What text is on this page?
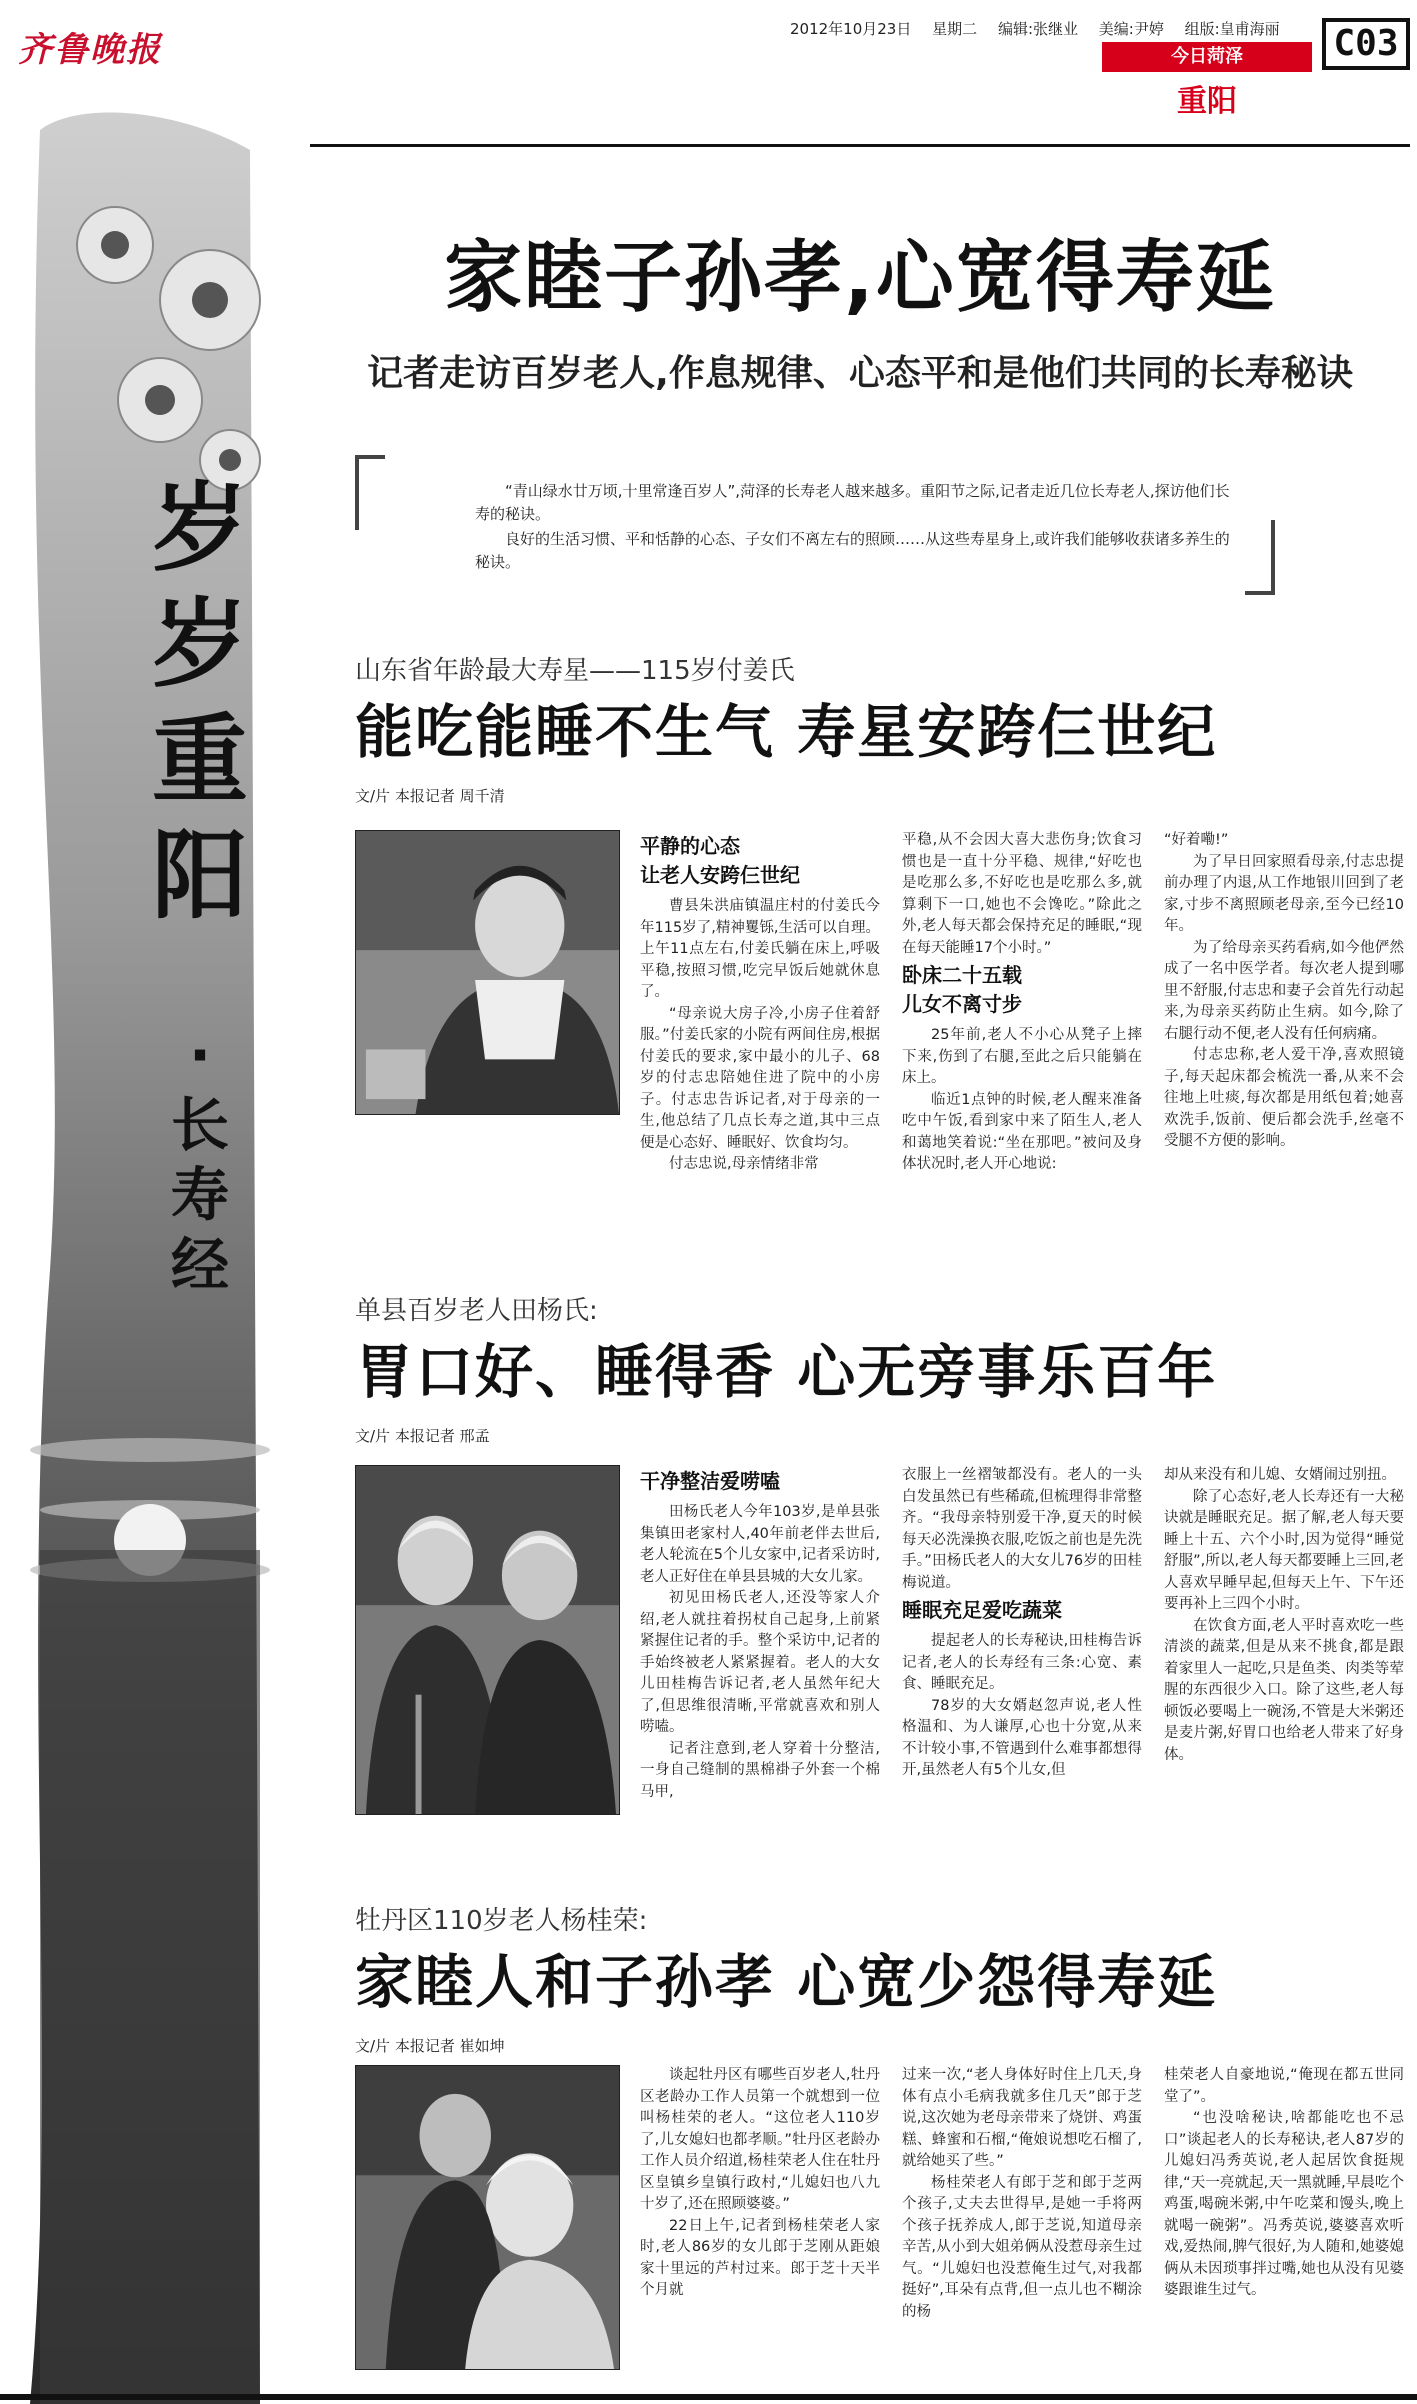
齐鲁晚报
2012年10月23日 星期二 编辑:张继业 美编:尹婷 组版:皇甫海丽
今日菏泽
重阳
C03
岁岁重阳
·
长寿经
家睦子孙孝,心宽得寿延
记者走访百岁老人,作息规律、心态平和是他们共同的长寿秘诀

“青山绿水廿万顷,十里常逢百岁人”,菏泽的长寿老人越来越多。重阳节之际,记者走近几位长寿老人,探访他们长寿的秘诀。

良好的生活习惯、平和恬静的心态、子女们不离左右的照顾……从这些寿星身上,或许我们能够收获诸多养生的秘诀。

山东省年龄最大寿星——115岁付姜氏
能吃能睡不生气 寿星安跨仨世纪
文/片 本报记者 周千清
平静的心态
让老人安跨仨世纪

曹县朱洪庙镇温庄村的付姜氏今年115岁了,精神矍铄,生活可以自理。上午11点左右,付姜氏躺在床上,呼吸平稳,按照习惯,吃完早饭后她就休息了。

“母亲说大房子冷,小房子住着舒服。”付姜氏家的小院有两间住房,根据付姜氏的要求,家中最小的儿子、68岁的付志忠陪她住进了院中的小房子。付志忠告诉记者,对于母亲的一生,他总结了几点长寿之道,其中三点便是心态好、睡眠好、饮食均匀。

付志忠说,母亲情绪非常

平稳,从不会因大喜大悲伤身;饮食习惯也是一直十分平稳、规律,“好吃也是吃那么多,不好吃也是吃那么多,就算剩下一口,她也不会馋吃。”除此之外,老人每天都会保持充足的睡眠,“现在每天能睡17个小时。”

卧床二十五载
儿女不离寸步

25年前,老人不小心从凳子上摔下来,伤到了右腿,至此之后只能躺在床上。

临近1点钟的时候,老人醒来准备吃中午饭,看到家中来了陌生人,老人和蔼地笑着说:“坐在那吧。”被问及身体状况时,老人开心地说:

“好着嘞!”

为了早日回家照看母亲,付志忠提前办理了内退,从工作地银川回到了老家,寸步不离照顾老母亲,至今已经10年。

为了给母亲买药看病,如今他俨然成了一名中医学者。每次老人提到哪里不舒服,付志忠和妻子会首先行动起来,为母亲买药防止生病。如今,除了右腿行动不便,老人没有任何病痛。

付志忠称,老人爱干净,喜欢照镜子,每天起床都会梳洗一番,从来不会往地上吐痰,每次都是用纸包着;她喜欢洗手,饭前、便后都会洗手,丝毫不受腿不方便的影响。

单县百岁老人田杨氏:
胃口好、睡得香 心无旁事乐百年
文/片 本报记者 邢孟
干净整洁爱唠嗑

田杨氏老人今年103岁,是单县张集镇田老家村人,40年前老伴去世后,老人轮流在5个儿女家中,记者采访时,老人正好住在单县县城的大女儿家。

初见田杨氏老人,还没等家人介绍,老人就拄着拐杖自己起身,上前紧紧握住记者的手。整个采访中,记者的手始终被老人紧紧握着。老人的大女儿田桂梅告诉记者,老人虽然年纪大了,但思维很清晰,平常就喜欢和别人唠嗑。

记者注意到,老人穿着十分整洁,一身自己缝制的黑棉褂子外套一个棉马甲,

衣服上一丝褶皱都没有。老人的一头白发虽然已有些稀疏,但梳理得非常整齐。“我母亲特别爱干净,夏天的时候每天必洗澡换衣服,吃饭之前也是先洗手。”田杨氏老人的大女儿76岁的田桂梅说道。

睡眠充足爱吃蔬菜

提起老人的长寿秘诀,田桂梅告诉记者,老人的长寿经有三条:心宽、素食、睡眠充足。

78岁的大女婿赵忽声说,老人性格温和、为人谦厚,心也十分宽,从来不计较小事,不管遇到什么难事都想得开,虽然老人有5个儿女,但

却从来没有和儿媳、女婿闹过别扭。

除了心态好,老人长寿还有一大秘诀就是睡眠充足。据了解,老人每天要睡上十五、六个小时,因为觉得“睡觉舒服”,所以,老人每天都要睡上三回,老人喜欢早睡早起,但每天上午、下午还要再补上三四个小时。

在饮食方面,老人平时喜欢吃一些清淡的蔬菜,但是从来不挑食,都是跟着家里人一起吃,只是鱼类、肉类等荤腥的东西很少入口。除了这些,老人每顿饭必要喝上一碗汤,不管是大米粥还是麦片粥,好胃口也给老人带来了好身体。

牡丹区110岁老人杨桂荣:
家睦人和子孙孝 心宽少怨得寿延
文/片 本报记者 崔如坤

谈起牡丹区有哪些百岁老人,牡丹区老龄办工作人员第一个就想到一位叫杨桂荣的老人。“这位老人110岁了,儿女媳妇也都孝顺。”牡丹区老龄办工作人员介绍道,杨桂荣老人住在牡丹区皇镇乡皇镇行政村,“儿媳妇也八九十岁了,还在照顾婆婆。”

22日上午,记者到杨桂荣老人家时,老人86岁的女儿郎于芝刚从距娘家十里远的芦村过来。郎于芝十天半个月就

过来一次,“老人身体好时住上几天,身体有点小毛病我就多住几天”郎于芝说,这次她为老母亲带来了烧饼、鸡蛋糕、蜂蜜和石榴,“俺娘说想吃石榴了,就给她买了些。”

杨桂荣老人有郎于芝和郎于芝两个孩子,丈夫去世得早,是她一手将两个孩子抚养成人,郎于芝说,知道母亲辛苦,从小到大姐弟俩从没惹母亲生过气。“儿媳妇也没惹俺生过气,对我都挺好”,耳朵有点背,但一点儿也不糊涂的杨

桂荣老人自豪地说,“俺现在都五世同堂了”。

“也没啥秘诀,啥都能吃也不忌口”谈起老人的长寿秘诀,老人87岁的儿媳妇冯秀英说,老人起居饮食挺规律,“天一亮就起,天一黑就睡,早晨吃个鸡蛋,喝碗米粥,中午吃菜和馒头,晚上就喝一碗粥”。冯秀英说,婆婆喜欢听戏,爱热闹,脾气很好,为人随和,她婆媳俩从未因琐事拌过嘴,她也从没有见婆婆跟谁生过气。
